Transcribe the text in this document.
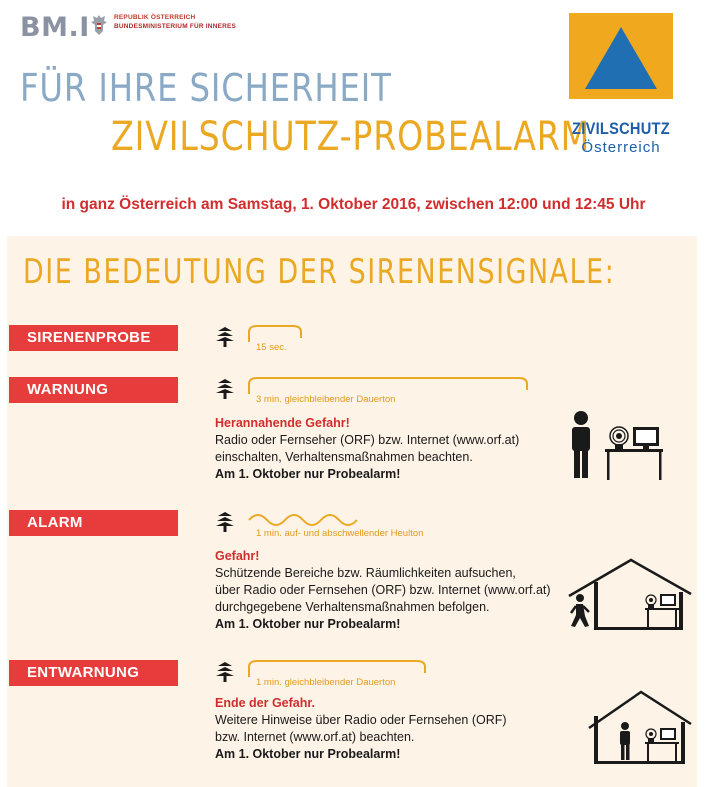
BM.I	REPUBLIK ÖSTERREICH
BUNDESMINISTERIUM FÜR INNERES
FÜR IHRE SICHERHEIT
ZIVILSCHUTZ-PROBEALARM
ZIVILSCHUTZ
Österreich
in ganz Österreich am Samstag, 1. Oktober 2016, zwischen 12:00 und 12:45 Uhr
DIE BEDEUTUNG DER SIRENENSIGNALE:
SIRENENPROBE
15 sec.
WARNUNG
3 min. gleichbleibender Dauerton
Herannahende Gefahr!
Radio oder Fernseher (ORF) bzw. Internet (www.orf.at)
einschalten, Verhaltensmaßnahmen beachten.
Am 1. Oktober nur Probealarm!
ALARM
1 min. auf- und abschwellender Heulton
Gefahr!
Schützende Bereiche bzw. Räumlichkeiten aufsuchen,
über Radio oder Fernsehen (ORF) bzw. Internet (www.orf.at)
durchgegebene Verhaltensmaßnahmen befolgen.
Am 1. Oktober nur Probealarm!
ENTWARNUNG
1 min. gleichbleibender Dauerton
Ende der Gefahr.
Weitere Hinweise über Radio oder Fernsehen (ORF)
bzw. Internet (www.orf.at) beachten.
Am 1. Oktober nur Probealarm!
